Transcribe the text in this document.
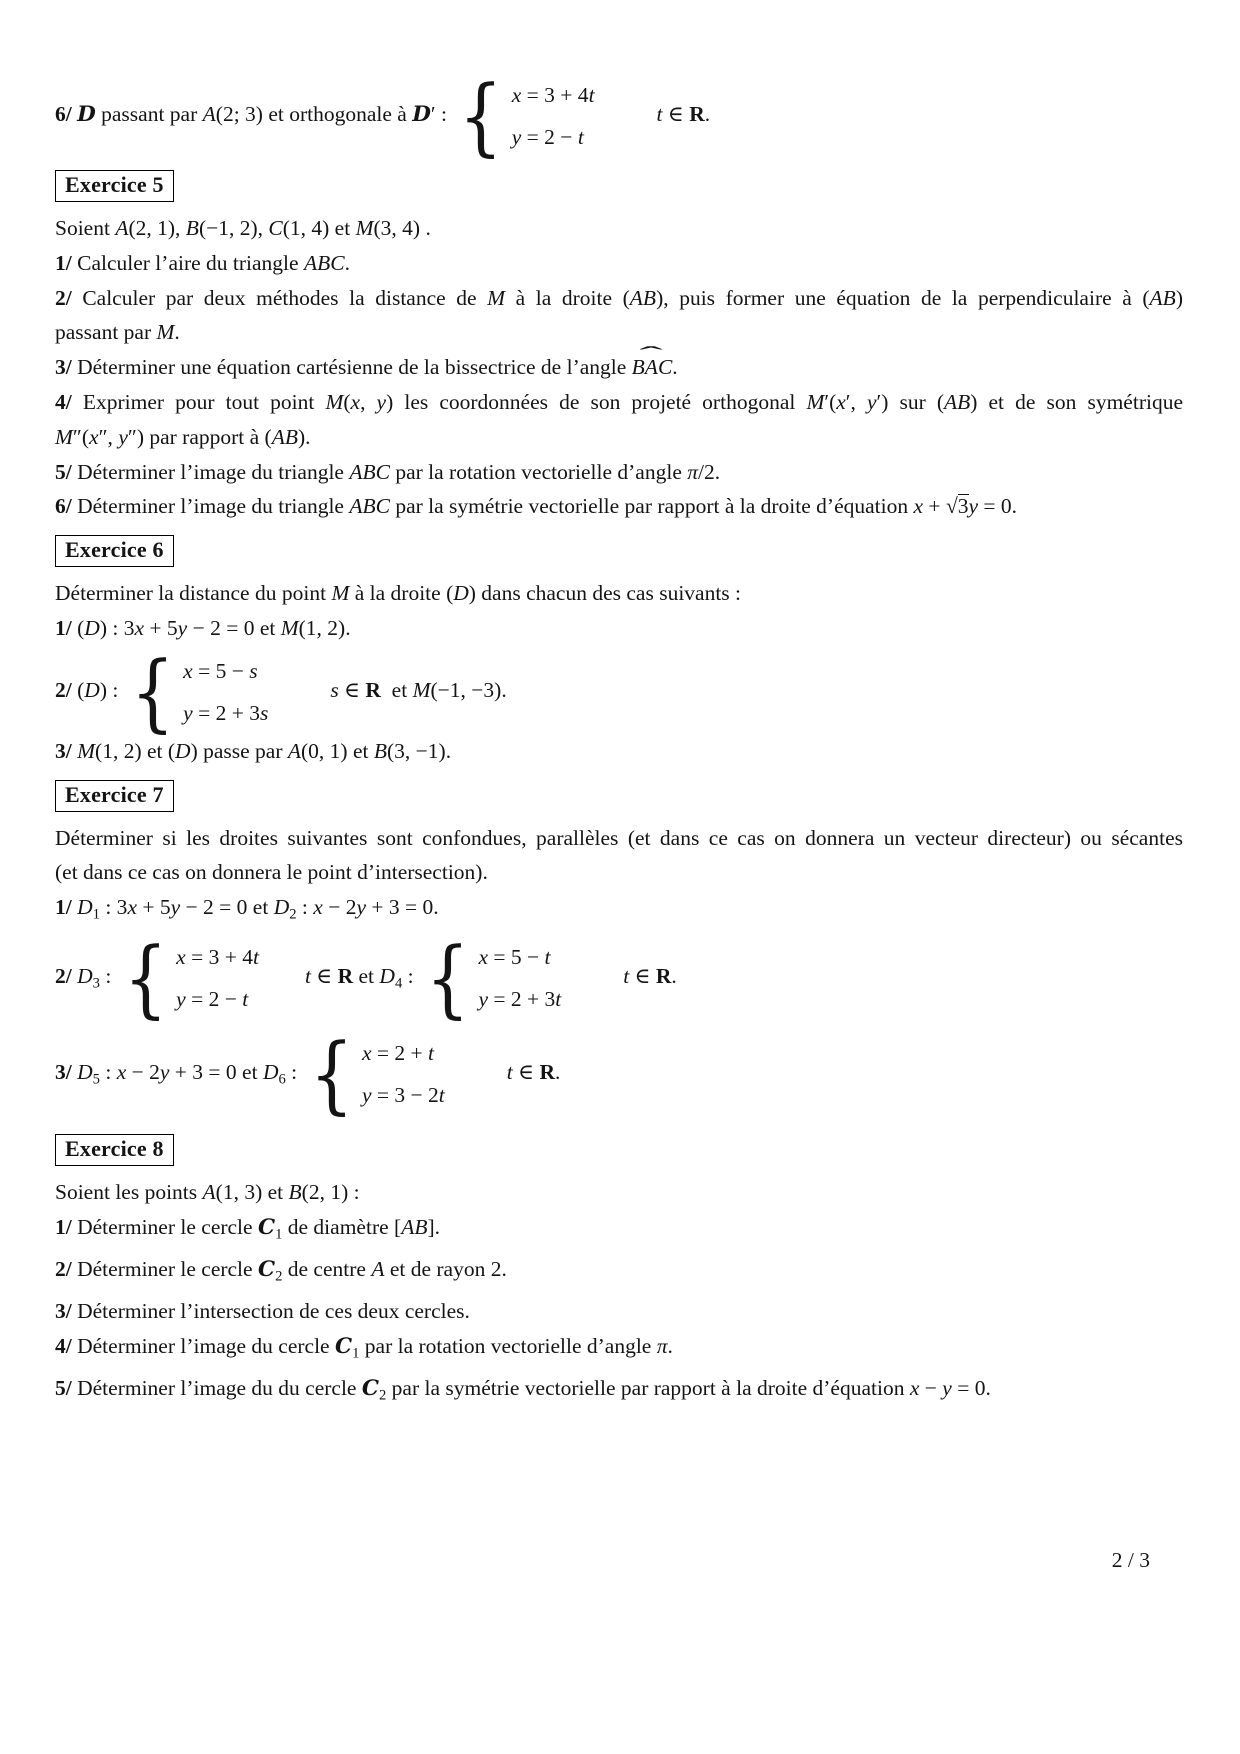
6/ D passant par A(2; 3) et orthogonale à D′ : { x = 3 + 4t
y = 2 − t
t ∈ R.
Exercice 5
Soient A(2, 1), B(−1, 2), C(1, 4) et M(3, 4) .
1/ Calculer l’aire du triangle ABC.
2/ Calculer par deux méthodes la distance de M à la droite (AB), puis former une équation de la perpendiculaire à (AB)
passant par M.
3/ Déterminer une équation cartésienne de la bissectrice de l’angle ˆ BAC.
4/ Exprimer pour tout point M(x, y) les coordonnées de son projeté orthogonal M′(x′, y′) sur (AB) et de son symétrique
M″(x″, y″) par rapport à (AB).
5/ Déterminer l’image du triangle ABC par la rotation vectorielle d’angle π/2.
6/ Déterminer l’image du triangle ABC par la symétrie vectorielle par rapport à la droite d’équation x + √3y = 0.
Exercice 6
Déterminer la distance du point M à la droite (D) dans chacun des cas suivants :
1/ (D) : 3x + 5y − 2 = 0 et M(1, 2).
2/ (D) : { x = 5 − s
y = 2 + 3s
s ∈ R  et M(−1, −3).
3/ M(1, 2) et (D) passe par A(0, 1) et B(3, −1).
Exercice 7
Déterminer si les droites suivantes sont confondues, parallèles (et dans ce cas on donnera un vecteur directeur) ou sécantes
(et dans ce cas on donnera le point d’intersection).
1/ $D_1$ : 3x + 5y − 2 = 0 et $D_2$ : x − 2y + 3 = 0.
2/ $D_3$ : { x = 3 + 4t
y = 2 − t
t ∈ R et $D_4$ : { x = 5 − t
y = 2 + 3t
t ∈ R.
3/ $D_5$ : x − 2y + 3 = 0 et $D_6$ : { x = 2 + t
y = 3 − 2t
t ∈ R.
Exercice 8
Soient les points A(1, 3) et B(2, 1) :
1/ Déterminer le cercle $C_1$ de diamètre [AB].
2/ Déterminer le cercle $C_2$ de centre A et de rayon 2.
3/ Déterminer l’intersection de ces deux cercles.
4/ Déterminer l’image du cercle $C_1$ par la rotation vectorielle d’angle π.
5/ Déterminer l’image du du cercle $C_2$ par la symétrie vectorielle par rapport à la droite d’équation x − y = 0.
2 / 3
